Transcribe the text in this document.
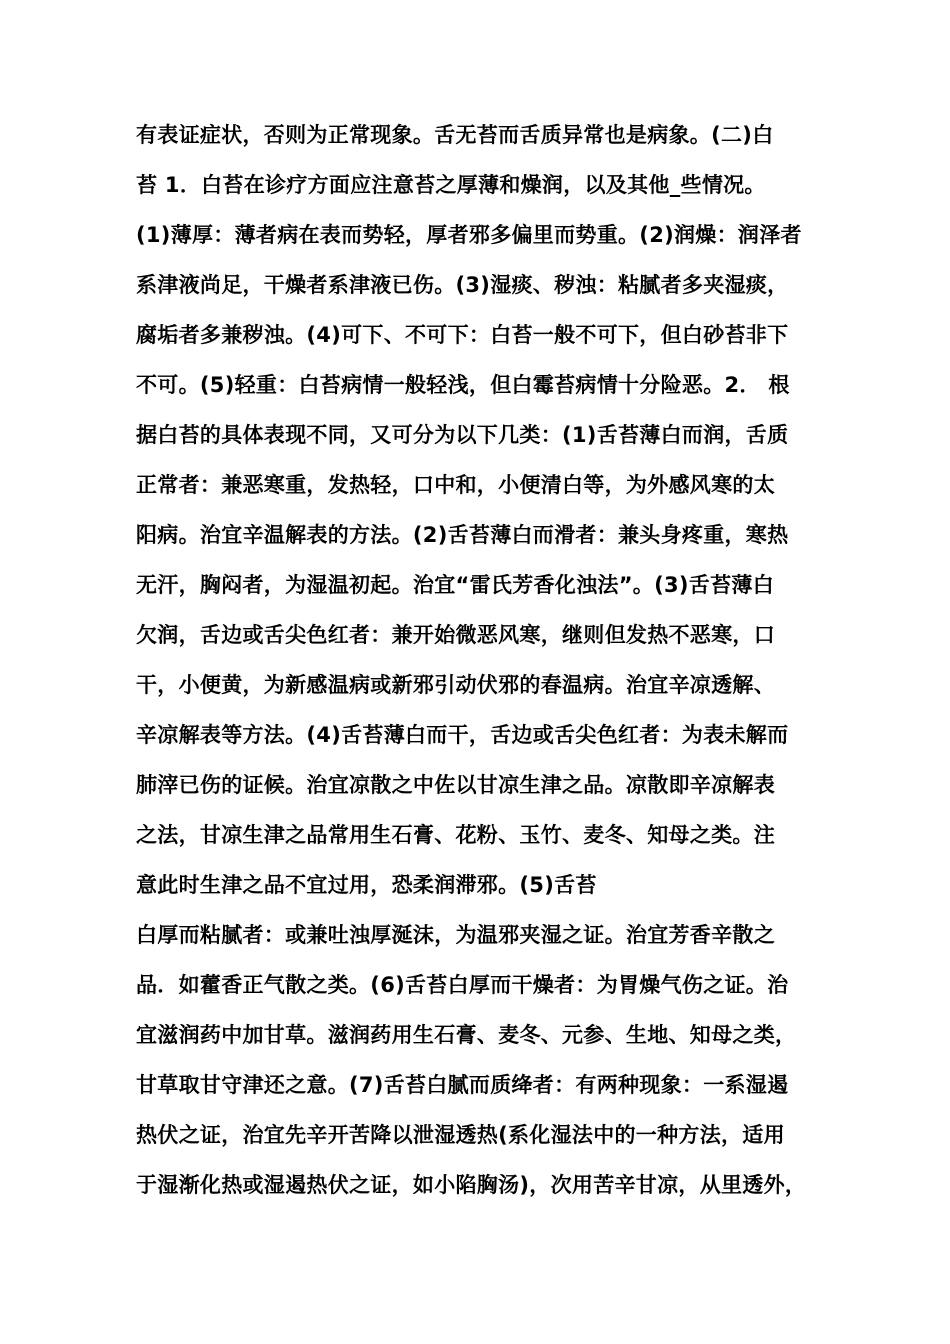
有表证症状，否则为正常现象。舌无苔而舌质异常也是病象。(二)白
苔 1．白苔在诊疗方面应注意苔之厚薄和燥润，以及其他_些情况。
(1)薄厚：薄者病在表而势轻，厚者邪多偏里而势重。(2)润燥：润泽者
系津液尚足，干燥者系津液已伤。(3)湿痰、秽浊：粘腻者多夹湿痰，
腐垢者多兼秽浊。(4)可下、不可下：白苔一般不可下，但白砂苔非下
不可。(5)轻重：白苔病情一般轻浅，但白霉苔病情十分险恶。2． 根
据白苔的具体表现不同，又可分为以下几类：(1)舌苔薄白而润，舌质
正常者：兼恶寒重，发热轻，口中和，小便清白等，为外感风寒的太
阳病。治宜辛温解表的方法。(2)舌苔薄白而滑者：兼头身疼重，寒热
无汗，胸闷者，为湿温初起。治宜“雷氏芳香化浊法”。(3)舌苔薄白
欠润，舌边或舌尖色红者：兼开始微恶风寒，继则但发热不恶寒，口
干，小便黄，为新感温病或新邪引动伏邪的春温病。治宜辛凉透解、
辛凉解表等方法。(4)舌苔薄白而干，舌边或舌尖色红者：为表未解而
肺滓已伤的证候。治宜凉散之中佐以甘凉生津之品。凉散即辛凉解表
之法，甘凉生津之品常用生石膏、花粉、玉竹、麦冬、知母之类。注
意此时生津之品不宜过用，恐柔润滞邪。(5)舌苔
白厚而粘腻者：或兼吐浊厚涎沫，为温邪夹湿之证。治宜芳香辛散之
品．如藿香正气散之类。(6)舌苔白厚而干燥者：为胃燥气伤之证。治
宜滋润药中加甘草。滋润药用生石膏、麦冬、元参、生地、知母之类，
甘草取甘守津还之意。(7)舌苔白腻而质绛者：有两种现象：一系湿遏
热伏之证，治宜先辛开苦降以泄湿透热(系化湿法中的一种方法，适用
于湿渐化热或湿遏热伏之证，如小陷胸汤)，次用苦辛甘凉，从里透外，
